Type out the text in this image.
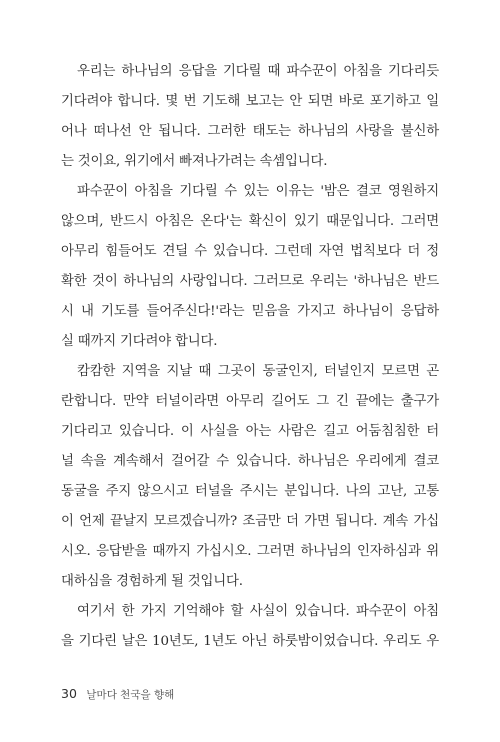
우리는 하나님의 응답을 기다릴 때 파수꾼이 아침을 기다리듯
기다려야 합니다. 몇 번 기도해 보고는 안 되면 바로 포기하고 일
어나 떠나선 안 됩니다. 그러한 태도는 하나님의 사랑을 불신하
는 것이요, 위기에서 빠져나가려는 속셈입니다.
파수꾼이 아침을 기다릴 수 있는 이유는 '밤은 결코 영원하지
않으며, 반드시 아침은 온다'는 확신이 있기 때문입니다. 그러면
아무리 힘들어도 견딜 수 있습니다. 그런데 자연 법칙보다 더 정
확한 것이 하나님의 사랑입니다. 그러므로 우리는 '하나님은 반드
시 내 기도를 들어주신다!'라는 믿음을 가지고 하나님이 응답하
실 때까지 기다려야 합니다.
캄캄한 지역을 지날 때 그곳이 동굴인지, 터널인지 모르면 곤
란합니다. 만약 터널이라면 아무리 길어도 그 긴 끝에는 출구가
기다리고 있습니다. 이 사실을 아는 사람은 길고 어둠침침한 터
널 속을 계속해서 걸어갈 수 있습니다. 하나님은 우리에게 결코
동굴을 주지 않으시고 터널을 주시는 분입니다. 나의 고난, 고통
이 언제 끝날지 모르겠습니까? 조금만 더 가면 됩니다. 계속 가십
시오. 응답받을 때까지 가십시오. 그러면 하나님의 인자하심과 위
대하심을 경험하게 될 것입니다.
여기서 한 가지 기억해야 할 사실이 있습니다. 파수꾼이 아침
을 기다린 날은 10년도, 1년도 아닌 하룻밤이었습니다. 우리도 우
30 날마다 천국을 향해
